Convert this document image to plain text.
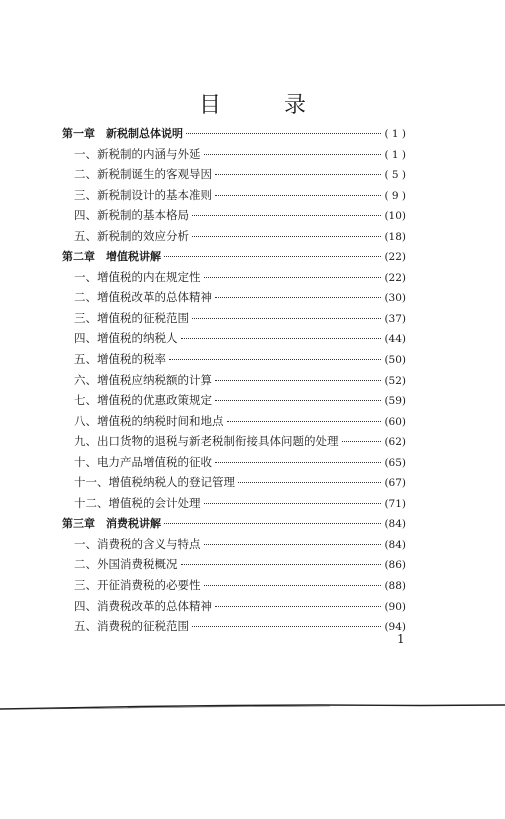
目 录
第一章　新税制总体说明	( 1 )
一、新税制的内涵与外延	( 1 )
二、新税制诞生的客观导因	( 5 )
三、新税制设计的基本准则	( 9 )
四、新税制的基本格局	(10)
五、新税制的效应分析	(18)
第二章　增值税讲解	(22)
一、增值税的内在规定性	(22)
二、增值税改革的总体精神	(30)
三、增值税的征税范围	(37)
四、增值税的纳税人	(44)
五、增值税的税率	(50)
六、增值税应纳税额的计算	(52)
七、增值税的优惠政策规定	(59)
八、增值税的纳税时间和地点	(60)
九、出口货物的退税与新老税制衔接具体问题的处理	(62)
十、电力产品增值税的征收	(65)
十一、增值税纳税人的登记管理	(67)
十二、增值税的会计处理	(71)
第三章　消费税讲解	(84)
一、消费税的含义与特点	(84)
二、外国消费税概况	(86)
三、开征消费税的必要性	(88)
四、消费税改革的总体精神	(90)
五、消费税的征税范围	(94)
1
